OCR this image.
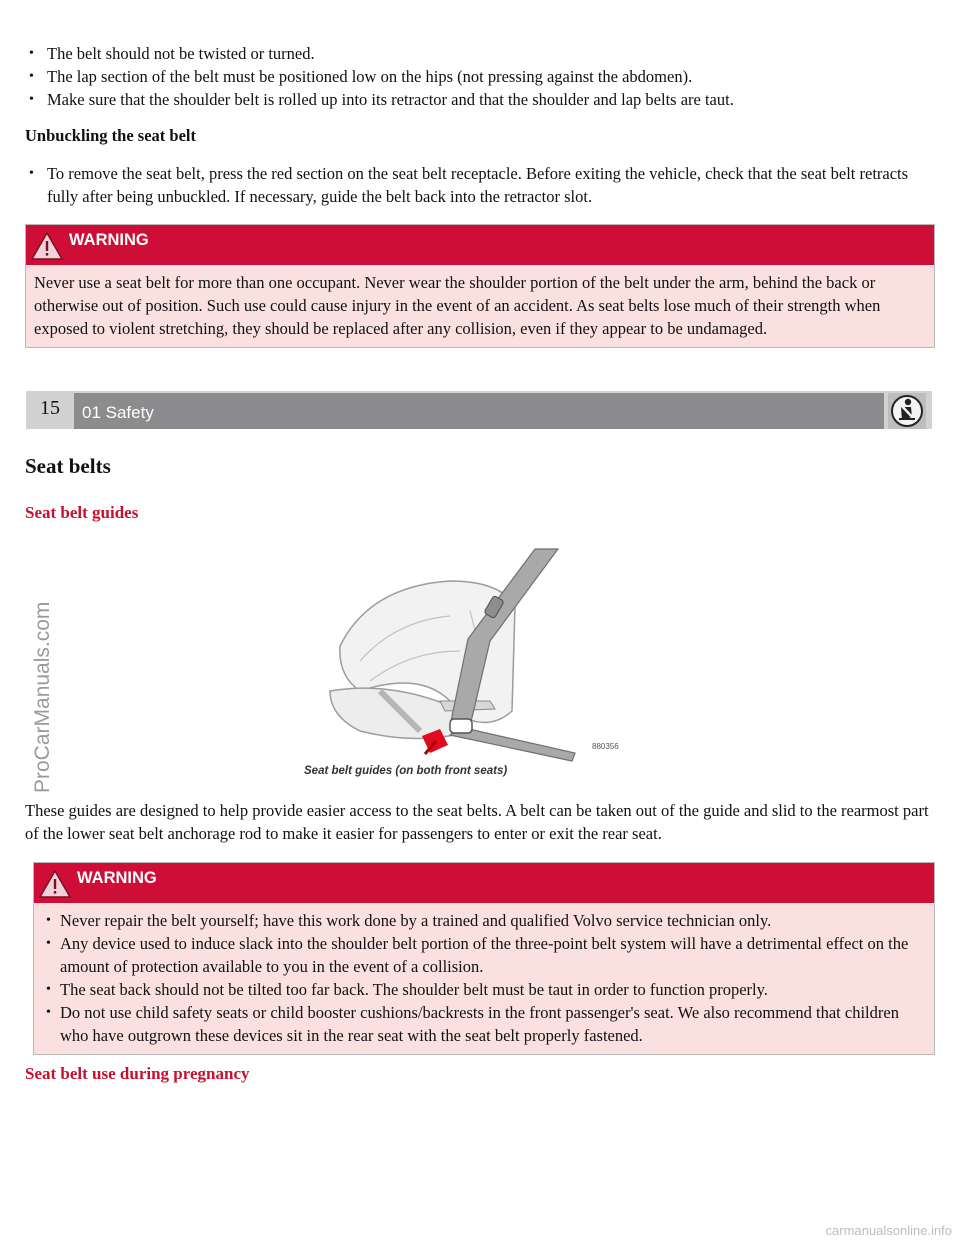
• The belt should not be twisted or turned.
• The lap section of the belt must be positioned low on the hips (not pressing against the abdomen).
• Make sure that the shoulder belt is rolled up into its retractor and that the shoulder and lap belts are taut.
Unbuckling the seat belt
• To remove the seat belt, press the red section on the seat belt receptacle. Before exiting the vehicle, check that the seat belt retracts fully after being unbuckled. If necessary, guide the belt back into the retractor slot.
WARNING
Never use a seat belt for more than one occupant. Never wear the shoulder portion of the belt under the arm, behind the back or otherwise out of position. Such use could cause injury in the event of an accident. As seat belts lose much of their strength when exposed to violent stretching, they should be replaced after any collision, even if they appear to be undamaged.
15	01 Safety
Seat belts
Seat belt guides
880356
Seat belt guides (on both front seats)
These guides are designed to help provide easier access to the seat belts. A belt can be taken out of the guide and slid to the rearmost part of the lower seat belt anchorage rod to make it easier for passengers to enter or exit the rear seat.
WARNING
• Never repair the belt yourself; have this work done by a trained and qualified Volvo service technician only.
• Any device used to induce slack into the shoulder belt portion of the three-point belt system will have a detrimental effect on the amount of protection available to you in the event of a collision.
• The seat back should not be tilted too far back. The shoulder belt must be taut in order to function properly.
• Do not use child safety seats or child booster cushions/backrests in the front passenger's seat. We also recommend that children who have outgrown these devices sit in the rear seat with the seat belt properly fastened.
Seat belt use during pregnancy
ProCarManuals.com
carmanualsonline.info
